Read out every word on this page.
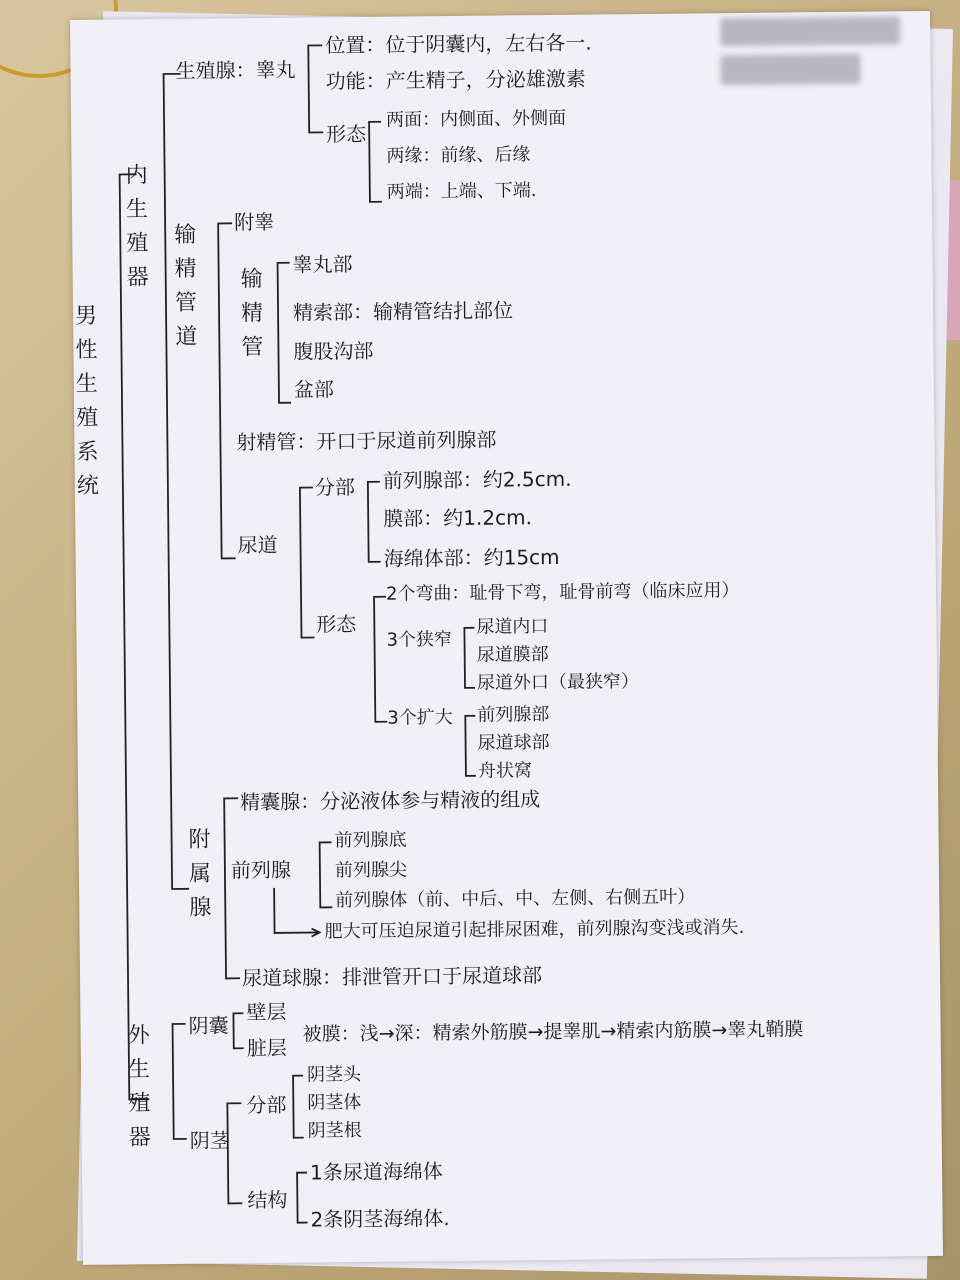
男性生殖系统
内生殖器
生殖腺：睾丸
位置：位于阴囊内，左右各一.
功能：产生精子，分泌雄激素
形态
两面：内侧面、外侧面
两缘：前缘、后缘
两端：上端、下端.
输精管道
附睾
输精管
睾丸部
精索部：输精管结扎部位
腹股沟部
盆部
射精管：开口于尿道前列腺部
尿道
分部 前列腺部：约2.5cm.
膜部：约1.2cm.
海绵体部：约15cm
形态
2个弯曲：耻骨下弯，耻骨前弯（临床应用）
3个狭窄
尿道内口
尿道膜部
尿道外口（最狭窄）
3个扩大 前列腺部
尿道球部
舟状窝
附属腺
精囊腺：分泌液体参与精液的组成
前列腺
前列腺底
前列腺尖
前列腺体（前、中后、中、左侧、右侧五叶）
肥大可压迫尿道引起排尿困难，前列腺沟变浅或消失.
尿道球腺：排泄管开口于尿道球部
外生殖器
阴囊
壁层
脏层
被膜：浅→深：精索外筋膜→提睾肌→精索内筋膜→睾丸鞘膜
阴茎
分部
阴茎头
阴茎体
阴茎根
结构
1条尿道海绵体
2条阴茎海绵体.
